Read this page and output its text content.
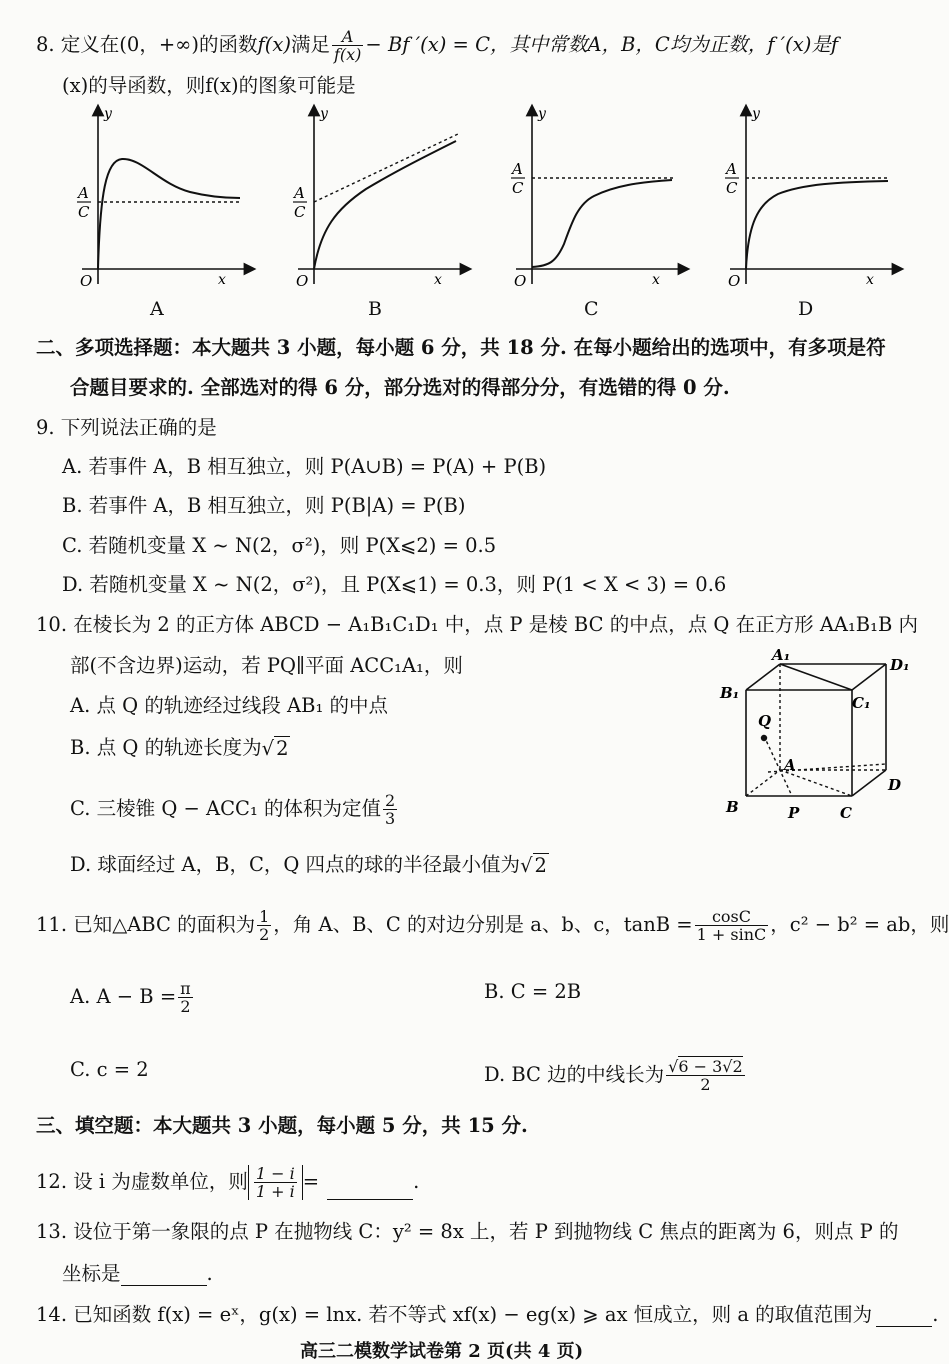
8. 定义在(0，+∞)的函数f(x)满足 $\frac{A}{f(x)} - Bf$ ′(x) = C，其中常数A，B，C均为正数，f ′(x)是f
(x)的导函数，则f(x)的图象可能是
y
x
O
A
C
A
y
x
O
A
C
B
y
x
O
A
C
C
y
x
O
A
C
D
二、多项选择题：本大题共 3 小题，每小题 6 分，共 18 分. 在每小题给出的选项中，有多项是符
合题目要求的. 全部选对的得 6 分，部分选对的得部分分，有选错的得 0 分.
9. 下列说法正确的是
A. 若事件 A，B 相互独立，则 P(A∪B) = P(A) + P(B)
B. 若事件 A，B 相互独立，则 P(B|A) = P(B)
C. 若随机变量 X ~ N(2，σ²)，则 P(X⩽2) = 0.5
D. 若随机变量 X ~ N(2，σ²)，且 P(X⩽1) = 0.3，则 P(1 < X < 3) = 0.6
10. 在棱长为 2 的正方体 ABCD − A₁B₁C₁D₁ 中，点 P 是棱 BC 的中点，点 Q 在正方形 AA₁B₁B 内
部(不含边界)运动，若 PQ∥平面 ACC₁A₁，则
A. 点 Q 的轨迹经过线段 AB₁ 的中点
B. 点 Q 的轨迹长度为√ 2
C. 三棱锥 Q − ACC₁ 的体积为定值 $\frac{2}{3}$
D. 球面经过 A，B，C，Q 四点的球的半径最小值为√ 2
A₁
D₁
B₁
C₁
Q
A
D
B	P	C
11. 已知△ABC 的面积为 $\frac{1}{2}$ ，角 A、B、C 的对边分别是 a、b、c，$\tan B = \frac{\cos C}{1 + \sin C}$ ，c² − b² = ab，则
A. $A - B = \frac{\pi}{2}$	B. C = 2B
C. c = 2	D. BC 边的中线长为 $\frac{√6 - 3√2}{2}$
三、填空题：本大题共 3 小题，每小题 5 分，共 15 分.
12. 设 i 为虚数单位，则 $\frac{1 - i}{1 + i}$ =	.
13. 设位于第一象限的点 P 在抛物线 C：y² = 8x 上，若 P 到抛物线 C 焦点的距离为 6，则点 P 的
坐标是	.
14. 已知函数 f(x) = eˣ，g(x) = lnx. 若不等式 xf(x) − eg(x) ⩾ ax 恒成立，则 a 的取值范围为	.
高三二模数学试卷第 2 页(共 4 页)
